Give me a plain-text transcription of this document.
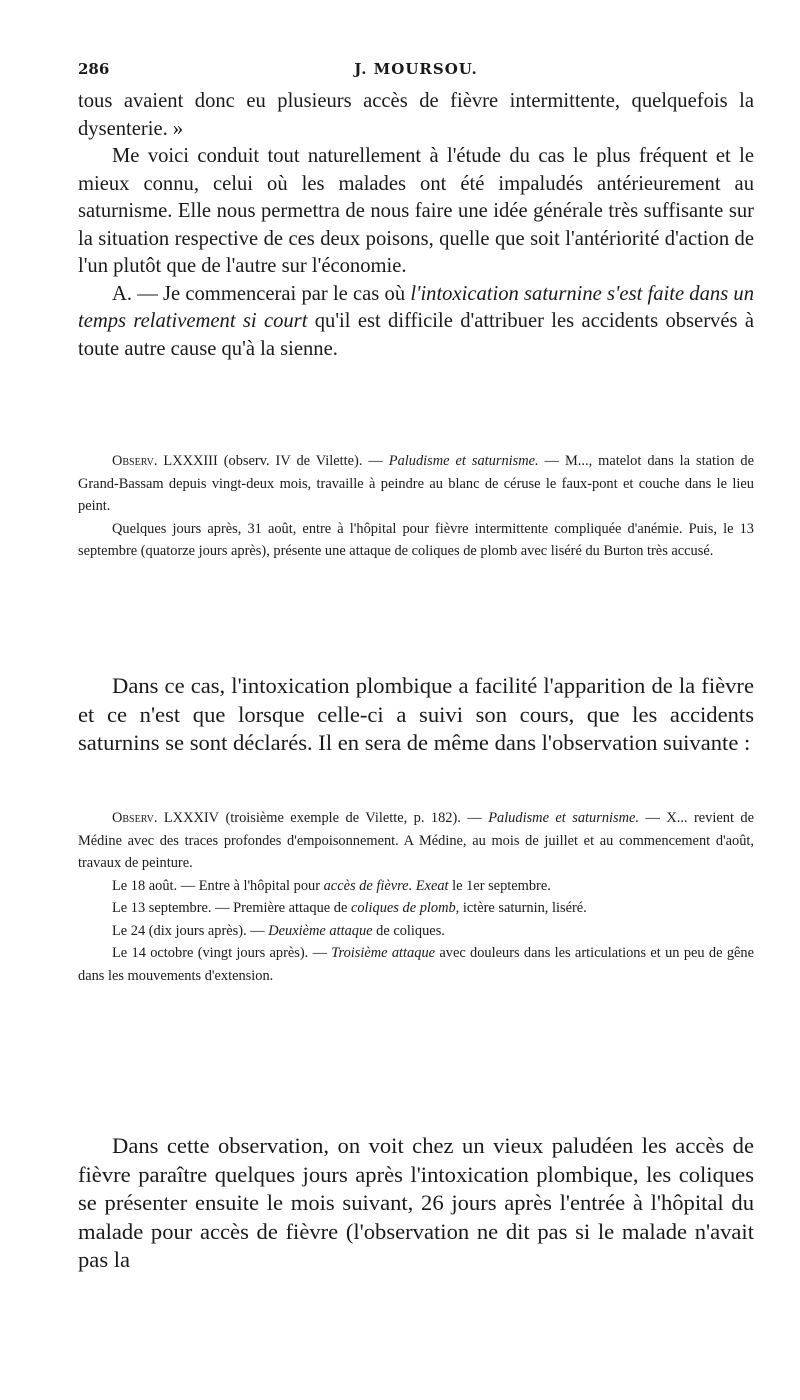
286	J. MOURSOU.

tous avaient donc eu plusieurs accès de fièvre intermittente, quelquefois la dysenterie. »

Me voici conduit tout naturellement à l'étude du cas le plus fréquent et le mieux connu, celui où les malades ont été impaludés antérieurement au saturnisme. Elle nous permettra de nous faire une idée générale très suffisante sur la situation respective de ces deux poisons, quelle que soit l'antériorité d'action de l'un plutôt que de l'autre sur l'économie.

A. — Je commencerai par le cas où l'intoxication saturnine s'est faite dans un temps relativement si court qu'il est difficile d'attribuer les accidents observés à toute autre cause qu'à la sienne.

Observ. LXXXIII (observ. IV de Vilette). — Paludisme et saturnisme. — M..., matelot dans la station de Grand-Bassam depuis vingt-deux mois, travaille à peindre au blanc de céruse le faux-pont et couche dans le lieu peint.

Quelques jours après, 31 août, entre à l'hôpital pour fièvre intermittente compliquée d'anémie. Puis, le 13 septembre (quatorze jours après), présente une attaque de coliques de plomb avec liséré du Burton très accusé.

Dans ce cas, l'intoxication plombique a facilité l'apparition de la fièvre et ce n'est que lorsque celle-ci a suivi son cours, que les accidents saturnins se sont déclarés. Il en sera de même dans l'observation suivante :

Observ. LXXXIV (troisième exemple de Vilette, p. 182). — Paludisme et saturnisme. — X... revient de Médine avec des traces profondes d'empoisonnement. A Médine, au mois de juillet et au commencement d'août, travaux de peinture.

Le 18 août. — Entre à l'hôpital pour accès de fièvre. Exeat le 1er septembre.

Le 13 septembre. — Première attaque de coliques de plomb, ictère saturnin, liséré.

Le 24 (dix jours après). — Deuxième attaque de coliques.

Le 14 octobre (vingt jours après). — Troisième attaque avec douleurs dans les articulations et un peu de gêne dans les mouvements d'extension.

Dans cette observation, on voit chez un vieux paludéen les accès de fièvre paraître quelques jours après l'intoxication plombique, les coliques se présenter ensuite le mois suivant, 26 jours après l'entrée à l'hôpital du malade pour accès de fièvre (l'observation ne dit pas si le malade n'avait pas la
